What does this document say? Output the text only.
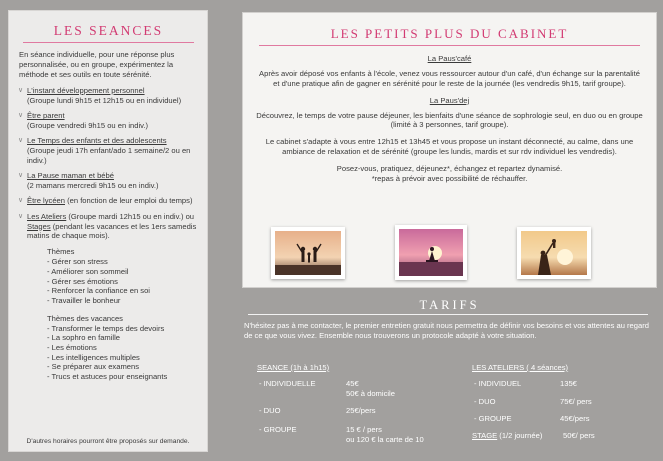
LES SEANCES

En séance individuelle, pour une réponse plus personnalisée, ou en groupe, expérimentez la méthode et ses outils en toute sérénité.

∨ L'instant développement personnel
(Groupe lundi 9h15 et 12h15 ou en individuel)
∨ Être parent
(Groupe vendredi 9h15 ou en indiv.)
∨ Le Temps des enfants et des adolescents
(Groupe jeudi 17h enfant/ado 1 semaine/2 ou en indiv.)
∨ La Pause maman et bébé
(2 mamans mercredi 9h15 ou en indiv.)
∨ Être lycéen (en fonction de leur emploi du temps)
∨ Les Ateliers (Groupe mardi 12h15 ou en indiv.) ou Stages (pendant les vacances et les 1ers samedis matins de chaque mois).
Thèmes
- Gérer son stress
- Améliorer son sommeil
- Gérer ses émotions
- Renforcer la confiance en soi
- Travailler le bonheur
Thèmes des vacances
- Transformer le temps des devoirs
- La sophro en famille
- Les émotions
- Les intelligences multiples
- Se préparer aux examens
- Trucs et astuces pour enseignants
D'autres horaires pourront être proposés sur demande.
LES PETITS PLUS DU CABINET
La Paus'café

Après avoir déposé vos enfants à l'école, venez vous ressourcer autour d'un café, d'un échange sur la parentalité et d'une pratique afin de gagner en sérénité pour le reste de la journée (les vendredis 9h15, tarif groupe).

La Paus'dej

Découvrez, le temps de votre pause déjeuner, les bienfaits d'une séance de sophrologie seul, en duo ou en groupe (limité à 3 personnes, tarif groupe).

Le cabinet s'adapte à vous entre 12h15 et 13h45 et vous propose un instant déconnecté, au calme, dans une ambiance de relaxation et de sérénité (groupe les lundis, mardis et sur rdv individuel les vendredis).

Posez-vous, pratiquez, déjeunez*, échangez et repartez dynamisé.
*repas à prévoir avec possibilité de réchauffer.
TARIFS
N'hésitez pas à me contacter, le premier entretien gratuit nous permettra de définir vos besoins et vos attentes au regard de ce que vous vivez. Ensemble nous trouverons un protocole adapté à votre situation.
SEANCE (1h à 1h15)
- INDIVIDUELLE	45€
50€ à domicile
- DUO	25€/pers
- GROUPE	15 € / pers
ou 120 € la carte de 10
LES ATELIERS ( 4 séances)
- INDIVIDUEL	135€
- DUO	75€/ pers
- GROUPE	45€/pers
STAGE (1/2 journée)	50€/ pers
